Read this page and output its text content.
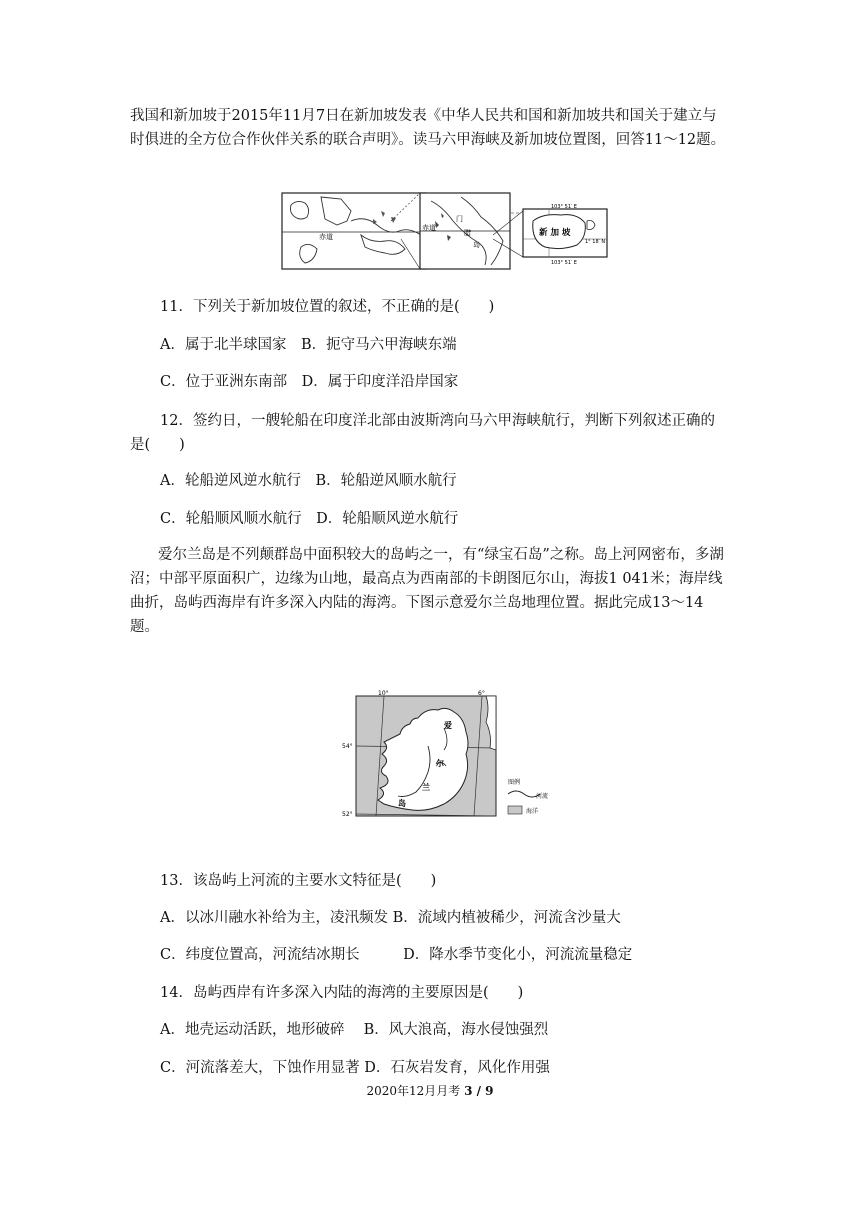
我国和新加坡于2015年11月7日在新加坡发表《中华人民共和国和新加坡共和国关于建立与时俱进的全方位合作伙伴关系的联合声明》。读马六甲海峡及新加坡位置图，回答11～12题。
赤道
赤道
门
腊
岛
新 加 坡
103° 51′ E
103° 51′ E
1° 18′ N
11．下列关于新加坡位置的叙述，不正确的是(　　)
A．属于北半球国家　B．扼守马六甲海峡东端
C．位于亚洲东南部　D．属于印度洋沿岸国家
12．签约日，一艘轮船在印度洋北部由波斯湾向马六甲海峡航行，判断下列叙述正确的
是(　　)
A．轮船逆风逆水航行　B．轮船逆风顺水航行
C．轮船顺风顺水航行　D．轮船顺风逆水航行
爱尔兰岛是不列颠群岛中面积较大的岛屿之一，有“绿宝石岛”之称。岛上河网密布，多湖沼；中部平原面积广，边缘为山地，最高点为西南部的卡朗图厄尔山，海拔1 041米；海岸线曲折，岛屿西海岸有许多深入内陆的海湾。下图示意爱尔兰岛地理位置。据此完成13～14题。
10°	6°
54°
52°
爱
尔
兰
岛
图例
河流
海洋
13．该岛屿上河流的主要水文特征是(　　)
A．以冰川融水补给为主，凌汛频发 B．流域内植被稀少，河流含沙量大
C．纬度位置高，河流结冰期长　　　D．降水季节变化小，河流流量稳定
14．岛屿西岸有许多深入内陆的海湾的主要原因是(　　)
A．地壳运动活跃，地形破碎　 B．风大浪高，海水侵蚀强烈
C．河流落差大，下蚀作用显著 D．石灰岩发育，风化作用强
2020年12月月考 3 / 9
